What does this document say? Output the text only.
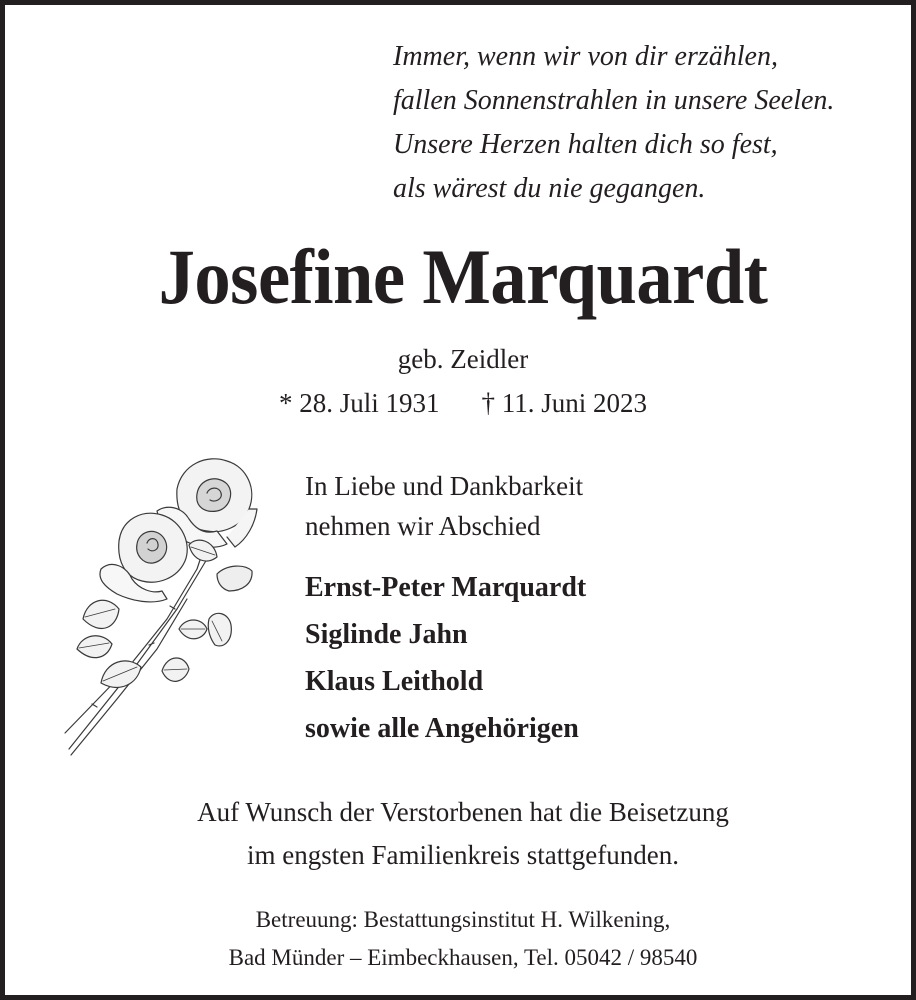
Immer, wenn wir von dir erzählen,
fallen Sonnenstrahlen in unsere Seelen.
Unsere Herzen halten dich so fest,
als wärest du nie gegangen.
Josefine Marquardt
geb. Zeidler
* 28. Juli 1931 † 11. Juni 2023
In Liebe und Dankbarkeit
nehmen wir Abschied
Ernst-Peter Marquardt
Siglinde Jahn
Klaus Leithold
sowie alle Angehörigen
Auf Wunsch der Verstorbenen hat die Beisetzung
im engsten Familienkreis stattgefunden.
Betreuung: Bestattungsinstitut H. Wilkening,
Bad Münder – Eimbeckhausen, Tel. 05042 / 98540
